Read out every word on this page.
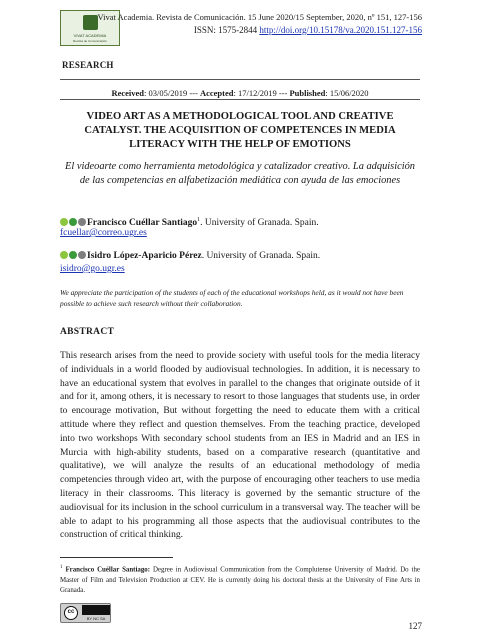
VIVAT ACADEMIA
Revista de Comunicación
Vivat Academia. Revista de Comunicación. 15 June 2020/15 September, 2020, nº 151, 127-156
ISSN: 1575-2844 http://doi.org/10.15178/va.2020.151.127-156
RESEARCH
Received: 03/05/2019 --- Accepted: 17/12/2019 --- Published: 15/06/2020
VIDEO ART AS A METHODOLOGICAL TOOL AND CREATIVE CATALYST. THE ACQUISITION OF COMPETENCES IN MEDIA LITERACY WITH THE HELP OF EMOTIONS
El videoarte como herramienta metodológica y catalizador creativo. La adquisición de las competencias en alfabetización mediática con ayuda de las emociones
Francisco Cuéllar Santiago$^1$. University of Granada. Spain.
fcuellar@correo.ugr.es
Isidro López-Aparicio Pérez. University of Granada. Spain.
isidro@go.ugr.es
We appreciate the participation of the students of each of the educational workshops held, as it would not have been possible to achieve such research without their collaboration.
ABSTRACT
This research arises from the need to provide society with useful tools for the media literacy of individuals in a world flooded by audiovisual technologies. In addition, it is necessary to have an educational system that evolves in parallel to the changes that originate outside of it and for it, among others, it is necessary to resort to those languages that students use, in order to encourage motivation, But without forgetting the need to educate them with a critical attitude where they reflect and question themselves. From the teaching practice, developed into two workshops With secondary school students from an IES in Madrid and an IES in Murcia with high-ability students, based on a comparative research (quantitative and qualitative), we will analyze the results of an educational methodology of media competencies through video art, with the purpose of encouraging other teachers to use media literacy in their classrooms. This literacy is governed by the semantic structure of the audiovisual for its inclusion in the school curriculum in a transversal way. The teacher will be able to adapt to his programming all those aspects that the audiovisual contributes to the construction of critical thinking.
$^1$ Francisco Cuéllar Santiago: Degree in Audiovisual Communication from the Complutense University of Madrid. Do the Master of Film and Television Production at CEV. He is currently doing his doctoral thesis at the University of Fine Arts in Granada.
cc
BY NC SA
127
